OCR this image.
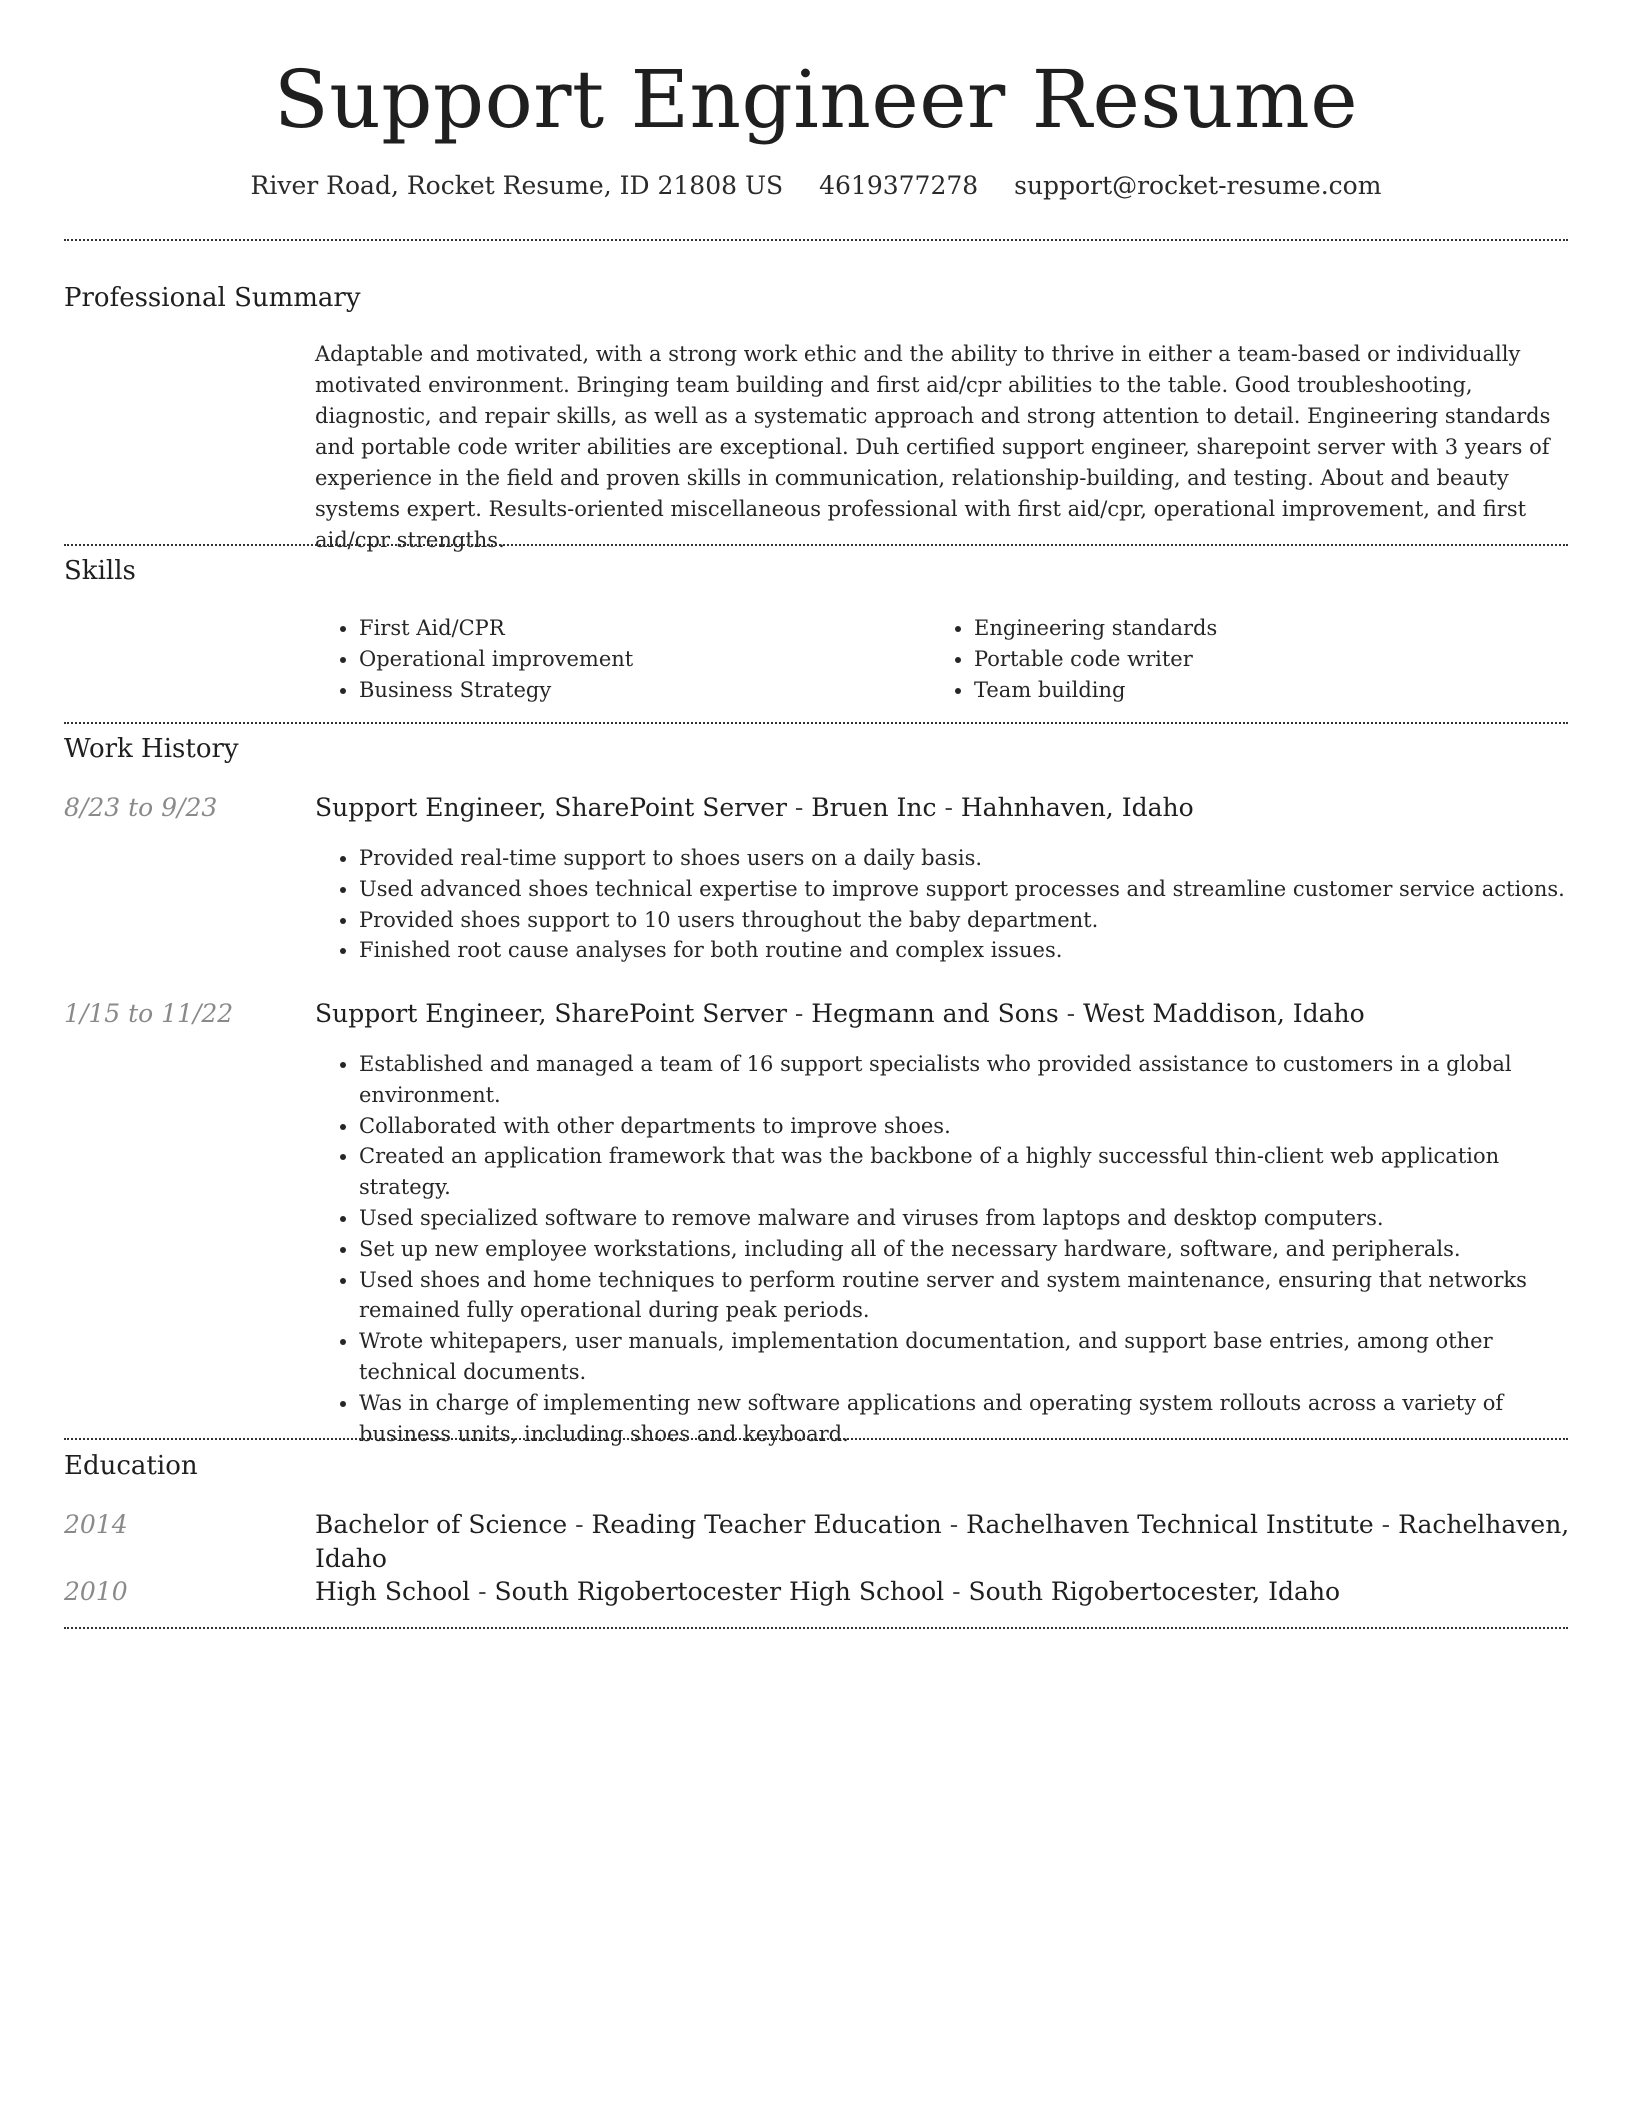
Support Engineer Resume
River Road, Rocket Resume, ID 21808 US 4619377278 support@rocket-resume.com
Professional Summary

Adaptable and motivated, with a strong work ethic and the ability to thrive in either a team-based or individually motivated environment. Bringing team building and first aid/cpr abilities to the table. Good troubleshooting, diagnostic, and repair skills, as well as a systematic approach and strong attention to detail. Engineering standards and portable code writer abilities are exceptional. Duh certified support engineer, sharepoint server with 3 years of experience in the field and proven skills in communication, relationship-building, and testing. About and beauty systems expert. Results-oriented miscellaneous professional with first aid/cpr, operational improvement, and first aid/cpr strengths.

Skills
• First Aid/CPR
• Operational improvement
• Business Strategy
• Engineering standards
• Portable code writer
• Team building
Work History
8/23 to 9/23	Support Engineer, SharePoint Server - Bruen Inc - Hahnhaven, Idaho
• Provided real-time support to shoes users on a daily basis.
• Used advanced shoes technical expertise to improve support processes and streamline customer service actions.
• Provided shoes support to 10 users throughout the baby department.
• Finished root cause analyses for both routine and complex issues.
1/15 to 11/22	Support Engineer, SharePoint Server - Hegmann and Sons - West Maddison, Idaho
• Established and managed a team of 16 support specialists who provided assistance to customers in a global environment.
• Collaborated with other departments to improve shoes.
• Created an application framework that was the backbone of a highly successful thin-client web application strategy.
• Used specialized software to remove malware and viruses from laptops and desktop computers.
• Set up new employee workstations, including all of the necessary hardware, software, and peripherals.
• Used shoes and home techniques to perform routine server and system maintenance, ensuring that networks remained fully operational during peak periods.
• Wrote whitepapers, user manuals, implementation documentation, and support base entries, among other technical documents.
• Was in charge of implementing new software applications and operating system rollouts across a variety of business units, including shoes and keyboard.
Education
2014	Bachelor of Science - Reading Teacher Education - Rachelhaven Technical Institute - Rachelhaven, Idaho
2010	High School - South Rigobertocester High School - South Rigobertocester, Idaho
